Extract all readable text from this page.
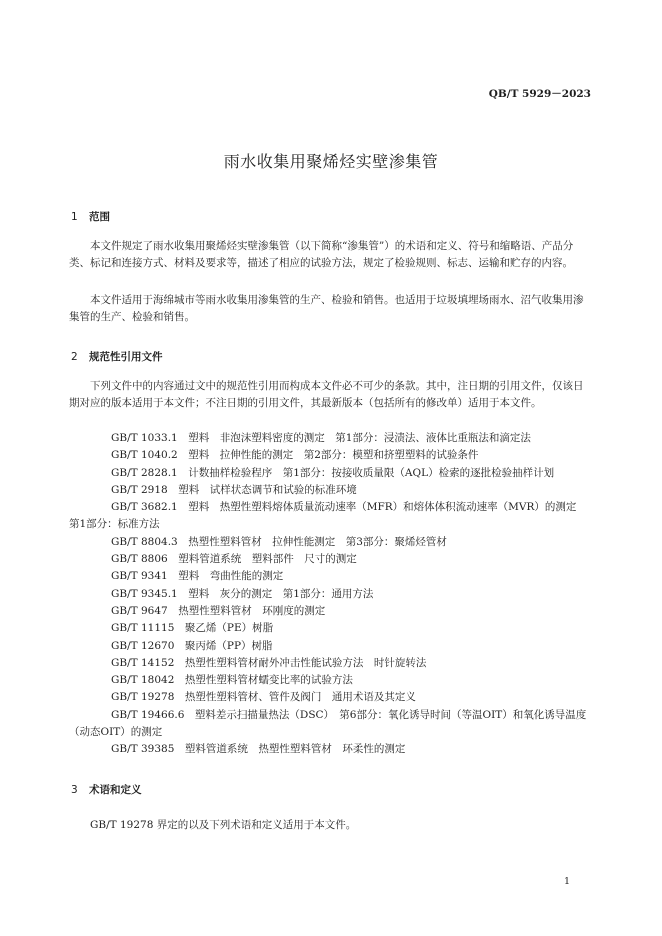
QB/T 5929－2023
雨水收集用聚烯烃实壁渗集管
1 范围

本文件规定了雨水收集用聚烯烃实壁渗集管（以下简称“渗集管”）的术语和定义、符号和缩略语、产品分类、标记和连接方式、材料及要求等，描述了相应的试验方法，规定了检验规则、标志、运输和贮存的内容。

本文件适用于海绵城市等雨水收集用渗集管的生产、检验和销售。也适用于垃圾填埋场雨水、沼气收集用渗集管的生产、检验和销售。

2 规范性引用文件

下列文件中的内容通过文中的规范性引用而构成本文件必不可少的条款。其中，注日期的引用文件，仅该日期对应的版本适用于本文件；不注日期的引用文件，其最新版本（包括所有的修改单）适用于本文件。

GB/T 1033.1  塑料　非泡沫塑料密度的测定　第1部分：浸渍法、液体比重瓶法和滴定法
GB/T 1040.2  塑料　拉伸性能的测定　第2部分：模塑和挤塑塑料的试验条件
GB/T 2828.1  计数抽样检验程序　第1部分：按接收质量限（AQL）检索的逐批检验抽样计划
GB/T 2918  塑料　试样状态调节和试验的标准环境
GB/T 3682.1  塑料　热塑性塑料熔体质量流动速率（MFR）和熔体体积流动速率（MVR）的测定　第1部分：标准方法
GB/T 8804.3  热塑性塑料管材　拉伸性能测定　第3部分：聚烯烃管材
GB/T 8806  塑料管道系统　塑料部件　尺寸的测定
GB/T 9341  塑料　弯曲性能的测定
GB/T 9345.1  塑料　灰分的测定　第1部分：通用方法
GB/T 9647  热塑性塑料管材　环刚度的测定
GB/T 11115  聚乙烯（PE）树脂
GB/T 12670  聚丙烯（PP）树脂
GB/T 14152  热塑性塑料管材耐外冲击性能试验方法　时针旋转法
GB/T 18042  热塑性塑料管材蠕变比率的试验方法
GB/T 19278  热塑性塑料管材、管件及阀门　通用术语及其定义
GB/T 19466.6  塑料差示扫描量热法（DSC）　第6部分：氧化诱导时间（等温OIT）和氧化诱导温度（动态OIT）的测定
GB/T 39385  塑料管道系统　热塑性塑料管材　环柔性的测定
3 术语和定义

GB/T 19278 界定的以及下列术语和定义适用于本文件。

1
